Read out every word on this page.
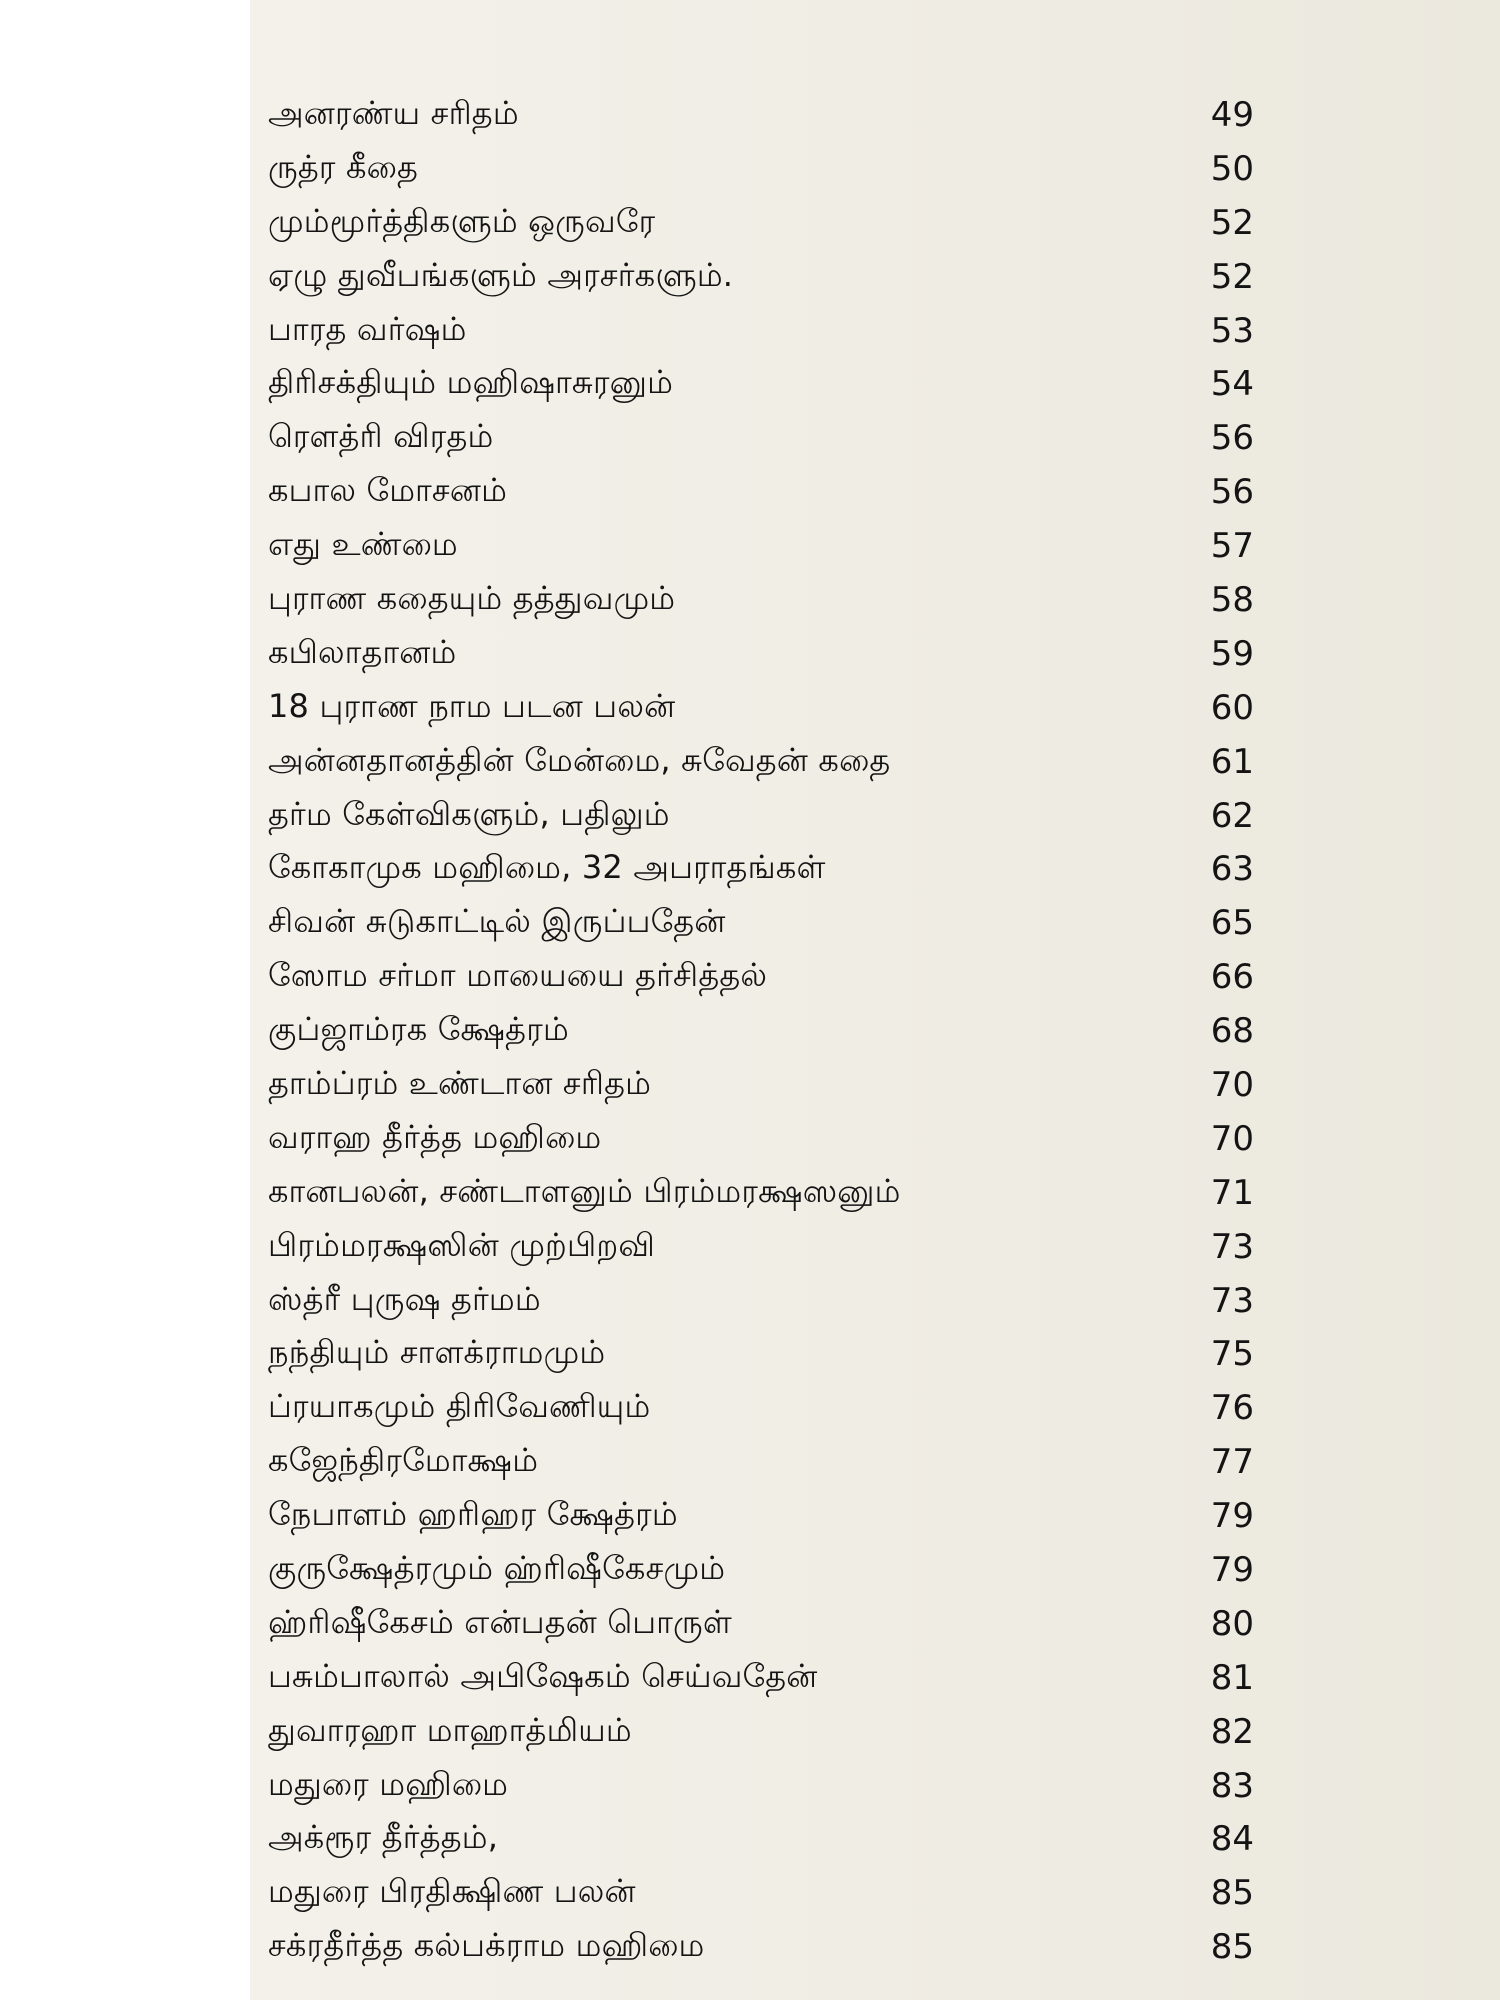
அனரண்ய சரிதம்	49
ருத்ர கீதை	50
மும்மூர்த்திகளும் ஒருவரே	52
ஏழு துவீபங்களும் அரசர்களும்.	52
பாரத வர்ஷம்	53
திரிசக்தியும் மஹிஷாசுரனும்	54
ரௌத்ரி விரதம்	56
கபால மோசனம்	56
எது உண்மை	57
புராண கதையும் தத்துவமும்	58
கபிலாதானம்	59
18 புராண நாம படன பலன்	60
அன்னதானத்தின் மேன்மை, சுவேதன் கதை	61
தர்ம கேள்விகளும், பதிலும்	62
கோகாமுக மஹிமை, 32 அபராதங்கள்	63
சிவன் சுடுகாட்டில் இருப்பதேன்	65
ஸோம சர்மா மாயையை தர்சித்தல்	66
குப்ஜாம்ரக க்ஷேத்ரம்	68
தாம்ப்ரம் உண்டான சரிதம்	70
வராஹ தீர்த்த மஹிமை	70
கானபலன், சண்டாளனும் பிரம்மரக்ஷஸனும்	71
பிரம்மரக்ஷஸின் முற்பிறவி	73
ஸ்த்ரீ புருஷ தர்மம்	73
நந்தியும் சாளக்ராமமும்	75
ப்ரயாகமும் திரிவேணியும்	76
கஜேந்திரமோக்ஷம்	77
நேபாளம் ஹரிஹர க்ஷேத்ரம்	79
குருக்ஷேத்ரமும் ஹ்ரிஷீகேசமும்	79
ஹ்ரிஷீகேசம் என்பதன் பொருள்	80
பசும்பாலால் அபிஷேகம் செய்வதேன்	81
துவாரஹா மாஹாத்மியம்	82
மதுரை மஹிமை	83
அக்ரூர தீர்த்தம்,	84
மதுரை பிரதிக்ஷிண பலன்	85
சக்ரதீர்த்த கல்பக்ராம மஹிமை	85
